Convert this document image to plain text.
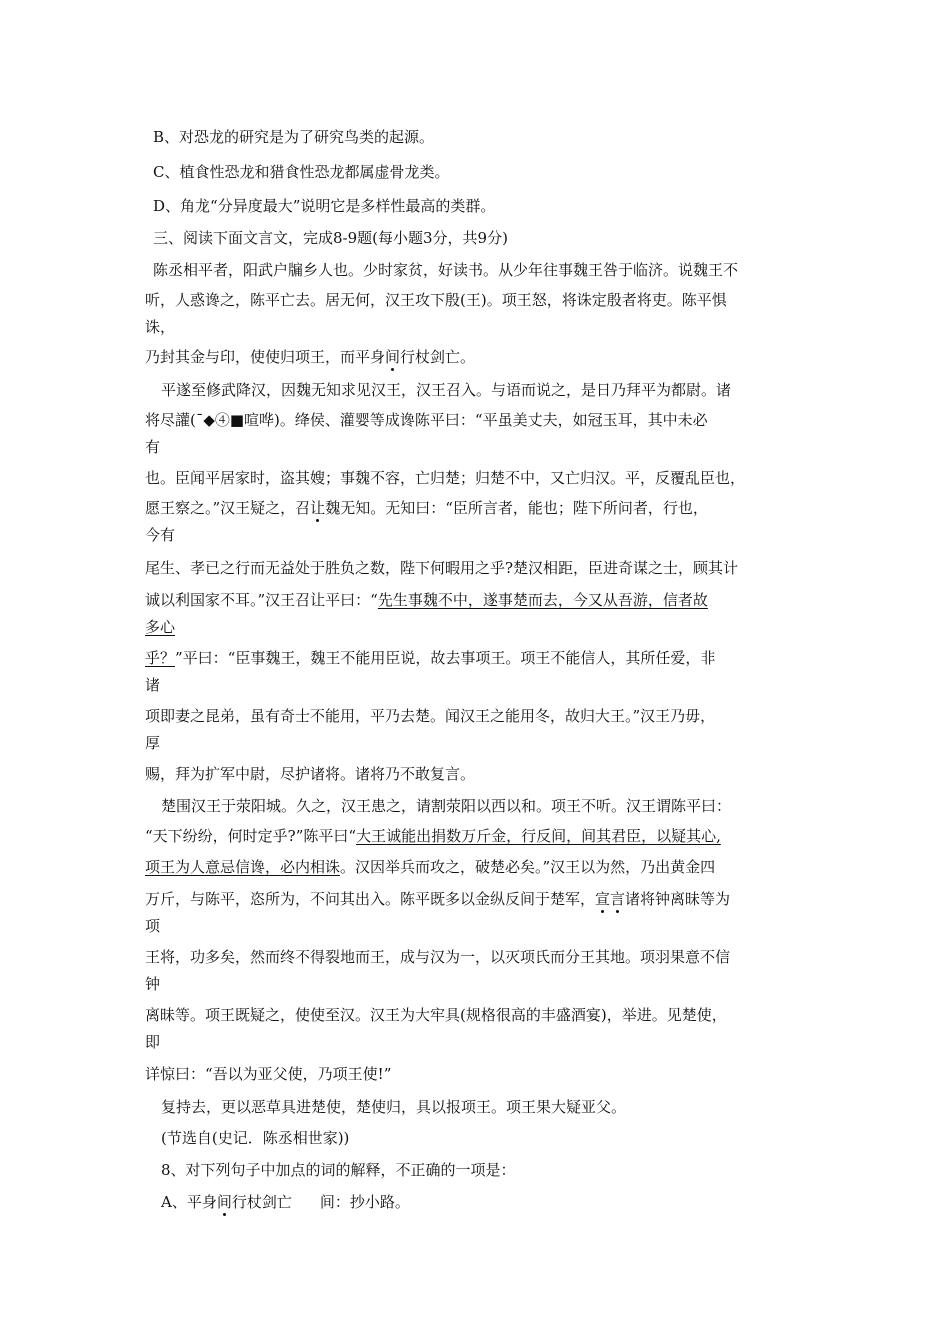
B、对恐龙的研究是为了研究鸟类的起源。
C、植食性恐龙和猎食性恐龙都属虚骨龙类。
D、角龙“分异度最大”说明它是多样性最高的类群。
三、阅读下面文言文，完成8-9题(每小题3分，共9分)
陈丞相平者，阳武户牖乡人也。少时家贫，好读书。从少年往事魏王咎于临济。说魏王不
听，人惑谗之，陈平亡去。居无何，汉王攻下殷(王)。项王怒，将诛定殷者将吏。陈平惧
诛，
乃封其金与印，使使归项王，而平身间行杖剑亡。
平遂至修武降汉，因魏无知求见汉王，汉王召入。与语而说之，是日乃拜平为都尉。诸
将尽讙(¯◆④■喧哗)。绛侯、灌婴等成谗陈平曰：“平虽美丈夫，如冠玉耳，其中未必
有
也。臣闻平居家时，盗其嫂；事魏不容，亡归楚；归楚不中，又亡归汉。平，反覆乱臣也，
愿王察之。”汉王疑之，召让魏无知。无知曰：“臣所言者，能也；陛下所问者，行也，
今有
尾生、孝已之行而无益处于胜负之数，陛下何暇用之乎?楚汉相距，臣进奇谋之士，顾其计
诚以利国家不耳。”汉王召让平曰：“先生事魏不中，遂事楚而去，今又从吾游，信者故
多心
乎？”平曰：“臣事魏王，魏王不能用臣说，故去事项王。项王不能信人，其所任爱，非
诸
项即妻之昆弟，虽有奇士不能用，平乃去楚。闻汉王之能用冬，故归大王。”汉王乃毋，
厚
赐，拜为扩军中尉，尽护诸将。诸将乃不敢复言。
楚围汉王于荥阳城。久之，汉王患之，请割荥阳以西以和。项王不听。汉王谓陈平曰：
“天下纷纷，何时定乎?”陈平曰“大王诚能出捐数万斤金，行反间，间其君臣，以疑其心,
项王为人意忌信谗，必内相诛。汉因举兵而攻之，破楚必矣。”汉王以为然，乃出黄金四
万斤，与陈平，恣所为，不问其出入。陈平既多以金纵反间于楚军，宣言诸将钟离昧等为
项
王将，功多矣，然而终不得裂地而王，成与汉为一，以灭项氏而分王其地。项羽果意不信
钟
离昧等。项王既疑之，使使至汉。汉王为大牢具(规格很高的丰盛酒宴)，举进。见楚使，
即
详惊曰：“吾以为亚父使，乃项王使!”
复持去，更以恶草具进楚使，楚使归，具以报项王。项王果大疑亚父。
(节选自(史记．陈丞相世家))
8、对下列句子中加点的词的解释，不正确的一项是：
A、平身间行杖剑亡 间：抄小路。
